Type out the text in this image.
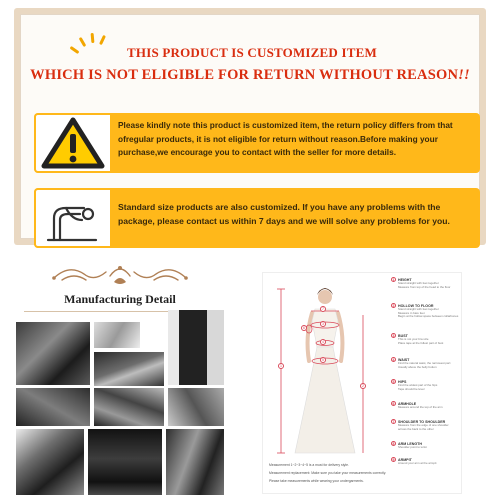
THIS PRODUCT IS CUSTOMIZED ITEM
WHICH IS NOT ELIGIBLE FOR RETURN WITHOUT REASON!!
Please kindly note this product is customized item, the return policy differs from that ofregular products, it is not eligible for return without reason.Before making your purchase,we encourage you to contact with the seller for more details.
Standard size products are also customized. If you have any problems with the package, please contact us within 7 days and we will solve any problems for you.
Manufacturing Detail
1
2
3
4
5
6
7
1 HEIGHT
Stand straight with feet together
Measure from top of the head to the floor
2 HOLLOW TO FLOOR
Stand straight with feet together
Measure in bare feet
Begin at the hollow space between collarbones
3 BUST
This is not your bra size
Place tape at the fullest part of bust
4 WAIST
Find the natural waist, the narrowest part
Usually above the belly button
5 HIPS
Find the widest part of the hips
Tape should be level
6 ARMHOLE
Measure around the top of the arm
7 SHOULDER TO SHOULDER
Measure from the edge of one shoulder
across the back to the other
8 ARM LENGTH
Shoulder point to wrist
9 ARMPIT
Around your arm at the armpit
Measurement 1~2~3~4~5 is a must for delivery style.
Measurement replacement: Make sure you take your measurements correctly.
Please take measurements while wearing your undergarments.
